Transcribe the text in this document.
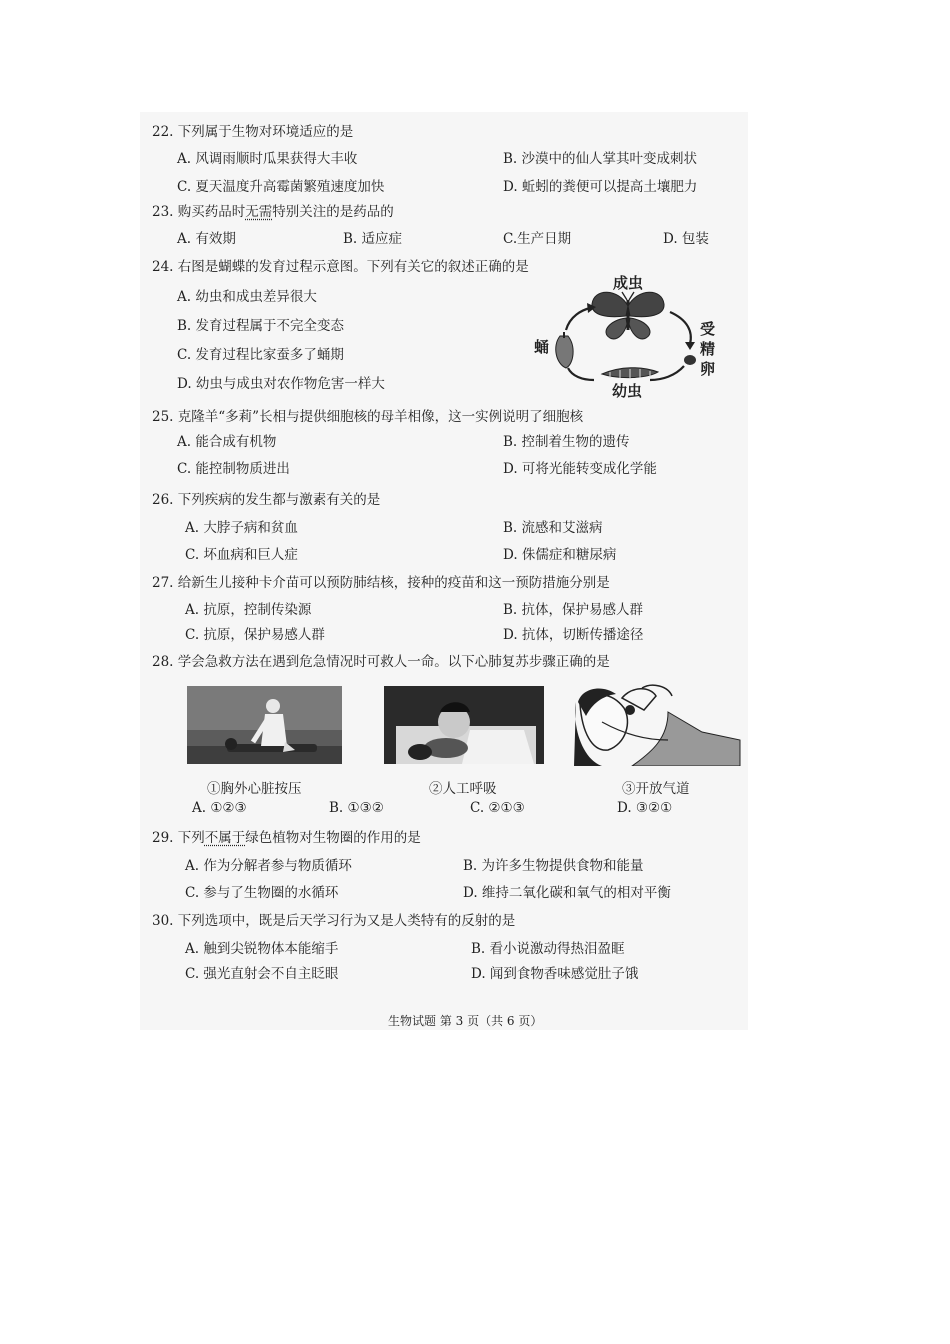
22. 下列属于生物对环境适应的是
A. 风调雨顺时瓜果获得大丰收	B. 沙漠中的仙人掌其叶变成刺状
C. 夏天温度升高霉菌繁殖速度加快	D. 蚯蚓的粪便可以提高土壤肥力
23. 购买药品时无需特别关注的是药品的
A. 有效期	B. 适应症	C.生产日期	D. 包装
24. 右图是蝴蝶的发育过程示意图。下列有关它的叙述正确的是
A. 幼虫和成虫差异很大
B. 发育过程属于不完全变态
C. 发育过程比家蚕多了蛹期
D. 幼虫与成虫对农作物危害一样大
成虫
蛹
受
精
卵
幼虫
25. 克隆羊“多莉”长相与提供细胞核的母羊相像，这一实例说明了细胞核
A. 能合成有机物	B. 控制着生物的遗传
C. 能控制物质进出	D. 可将光能转变成化学能
26. 下列疾病的发生都与激素有关的是
A. 大脖子病和贫血	B. 流感和艾滋病
C. 坏血病和巨人症	D. 侏儒症和糖尿病
27. 给新生儿接种卡介苗可以预防肺结核，接种的疫苗和这一预防措施分别是
A. 抗原，控制传染源	B. 抗体，保护易感人群
C. 抗原，保护易感人群	D. 抗体，切断传播途径
28. 学会急救方法在遇到危急情况时可救人一命。以下心肺复苏步骤正确的是
①胸外心脏按压	②人工呼吸	③开放气道
A. ①②③	B. ①③②	C. ②①③	D. ③②①
29. 下列不属于绿色植物对生物圈的作用的是
A. 作为分解者参与物质循环	B. 为许多生物提供食物和能量
C. 参与了生物圈的水循环	D. 维持二氧化碳和氧气的相对平衡
30. 下列选项中，既是后天学习行为又是人类特有的反射的是
A. 触到尖锐物体本能缩手	B. 看小说激动得热泪盈眶
C. 强光直射会不自主眨眼	D. 闻到食物香味感觉肚子饿
生物试题 第 3 页（共 6 页）
